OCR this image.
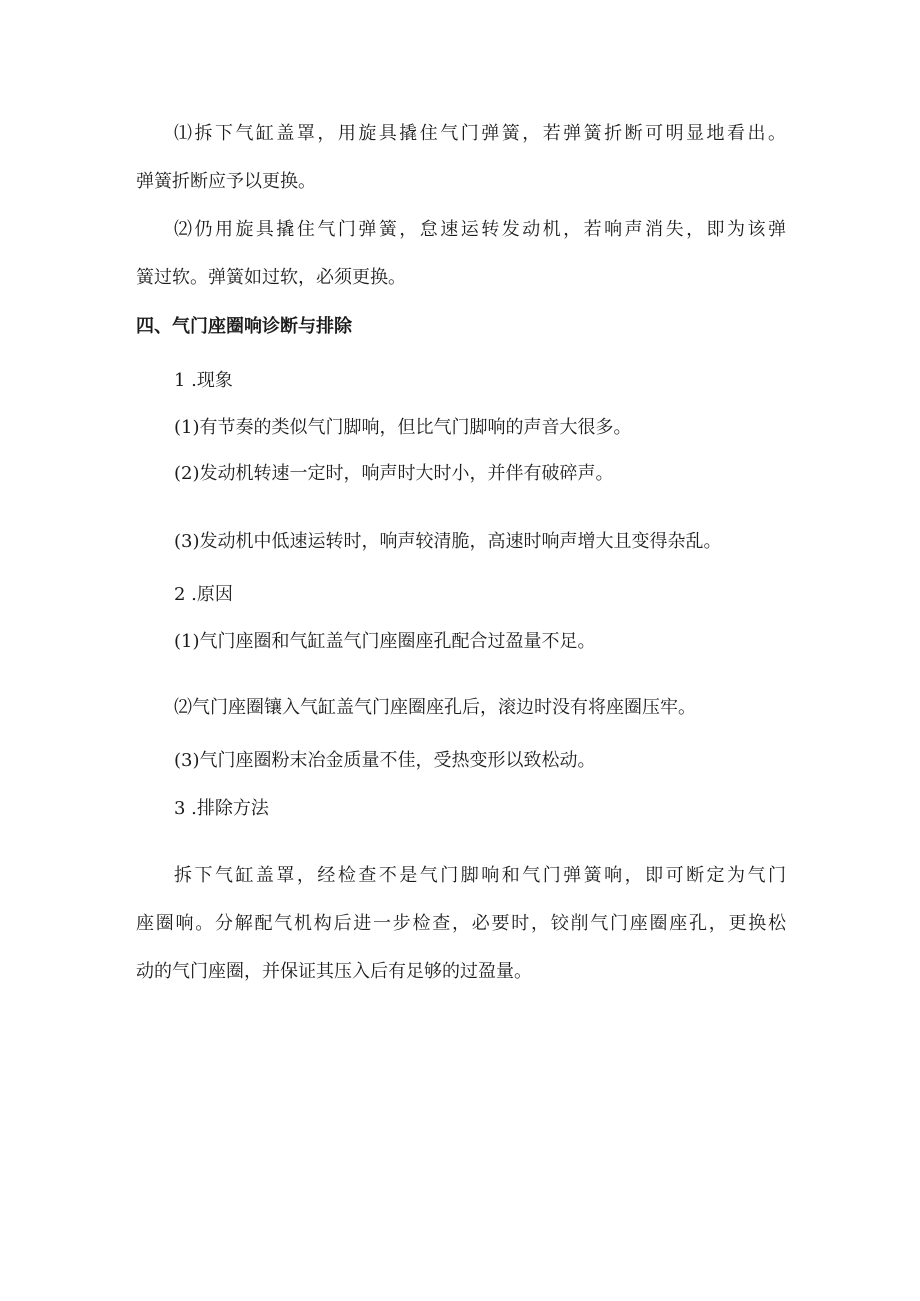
⑴拆下气缸盖罩，用旋具撬住气门弹簧，若弹簧折断可明显地看出。
弹簧折断应予以更换。
⑵仍用旋具撬住气门弹簧，怠速运转发动机，若响声消失，即为该弹
簧过软。弹簧如过软，必须更换。
四、气门座圈响诊断与排除
1 .现象
(1)有节奏的类似气门脚响，但比气门脚响的声音大很多。
(2)发动机转速一定时，响声时大时小，并伴有破碎声。
(3)发动机中低速运转时，响声较清脆，高速时响声增大且变得杂乱。
2 .原因
(1)气门座圈和气缸盖气门座圈座孔配合过盈量不足。
⑵气门座圈镶入气缸盖气门座圈座孔后，滚边时没有将座圈压牢。
(3)气门座圈粉末冶金质量不佳，受热变形以致松动。
3 .排除方法
拆下气缸盖罩，经检查不是气门脚响和气门弹簧响，即可断定为气门
座圈响。分解配气机构后进一步检查，必要时，铰削气门座圈座孔，更换松
动的气门座圈，并保证其压入后有足够的过盈量。
